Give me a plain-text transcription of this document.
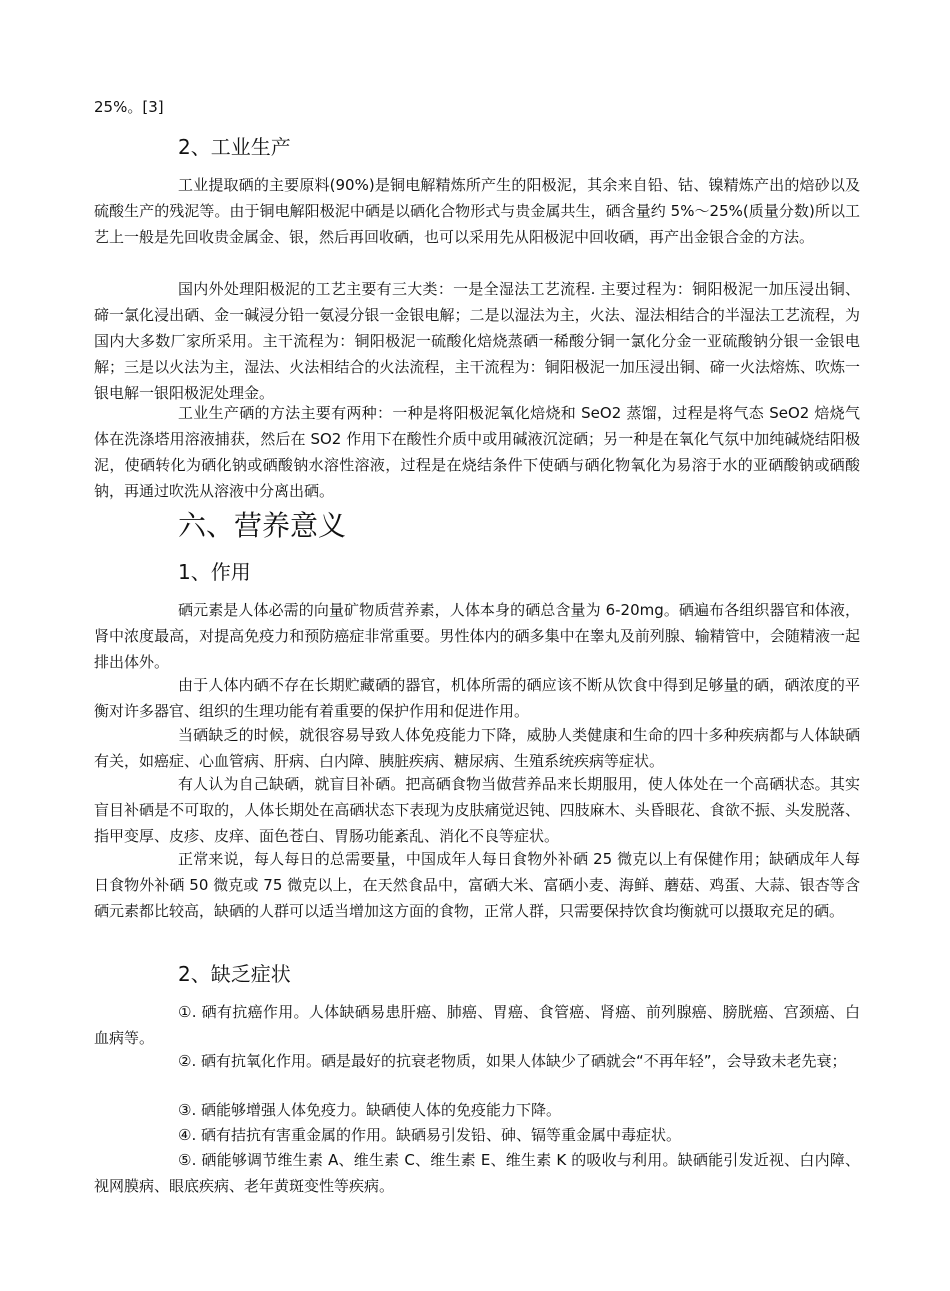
25%。[3]
2、工业生产
工业提取硒的主要原料(90%)是铜电解精炼所产生的阳极泥，其余来自铅、钴、镍精炼产出的焙砂以及硫酸生产的残泥等。由于铜电解阳极泥中硒是以硒化合物形式与贵金属共生，硒含量约 5%～25%(质量分数)所以工艺上一般是先回收贵金属金、银，然后再回收硒，也可以采用先从阳极泥中回收硒，再产出金银合金的方法。
国内外处理阳极泥的工艺主要有三大类：一是全湿法工艺流程. 主要过程为：铜阳极泥一加压浸出铜、碲一氯化浸出硒、金一碱浸分铅一氨浸分银一金银电解；二是以湿法为主，火法、湿法相结合的半湿法工艺流程，为国内大多数厂家所采用。主干流程为：铜阳极泥一硫酸化焙烧蒸硒一稀酸分铜一氯化分金一亚硫酸钠分银一金银电解；三是以火法为主，湿法、火法相结合的火法流程，主干流程为：铜阳极泥一加压浸出铜、碲一火法熔炼、吹炼一银电解一银阳极泥处理金。
工业生产硒的方法主要有两种：一种是将阳极泥氧化焙烧和 SeO2 蒸馏，过程是将气态 SeO2 焙烧气体在洗涤塔用溶液捕获，然后在 SO2 作用下在酸性介质中或用碱液沉淀硒；另一种是在氧化气氛中加纯碱烧结阳极泥，使硒转化为硒化钠或硒酸钠水溶性溶液，过程是在烧结条件下使硒与硒化物氧化为易溶于水的亚硒酸钠或硒酸钠，再通过吹洗从溶液中分离出硒。
六、营养意义
1、作用
硒元素是人体必需的向量矿物质营养素，人体本身的硒总含量为 6-20mg。硒遍布各组织器官和体液，肾中浓度最高，对提高免疫力和预防癌症非常重要。男性体内的硒多集中在睾丸及前列腺、输精管中，会随精液一起排出体外。
由于人体内硒不存在长期贮藏硒的器官，机体所需的硒应该不断从饮食中得到足够量的硒，硒浓度的平衡对许多器官、组织的生理功能有着重要的保护作用和促进作用。
当硒缺乏的时候，就很容易导致人体免疫能力下降，威胁人类健康和生命的四十多种疾病都与人体缺硒有关，如癌症、心血管病、肝病、白内障、胰脏疾病、糖尿病、生殖系统疾病等症状。
有人认为自己缺硒，就盲目补硒。把高硒食物当做营养品来长期服用，使人体处在一个高硒状态。其实盲目补硒是不可取的，人体长期处在高硒状态下表现为皮肤痛觉迟钝、四肢麻木、头昏眼花、食欲不振、头发脱落、指甲变厚、皮疹、皮痒、面色苍白、胃肠功能紊乱、消化不良等症状。
正常来说，每人每日的总需要量，中国成年人每日食物外补硒 25 微克以上有保健作用；缺硒成年人每日食物外补硒 50 微克或 75 微克以上，在天然食品中，富硒大米、富硒小麦、海鲜、蘑菇、鸡蛋、大蒜、银杏等含硒元素都比较高，缺硒的人群可以适当增加这方面的食物，正常人群，只需要保持饮食均衡就可以摄取充足的硒。
2、缺乏症状
①. 硒有抗癌作用。人体缺硒易患肝癌、肺癌、胃癌、食管癌、肾癌、前列腺癌、膀胱癌、宫颈癌、白血病等。
②. 硒有抗氧化作用。硒是最好的抗衰老物质，如果人体缺少了硒就会“不再年轻”，会导致未老先衰；
③. 硒能够增强人体免疫力。缺硒使人体的免疫能力下降。
④. 硒有拮抗有害重金属的作用。缺硒易引发铅、砷、镉等重金属中毒症状。
⑤. 硒能够调节维生素 A、维生素 C、维生素 E、维生素 K 的吸收与利用。缺硒能引发近视、白内障、视网膜病、眼底疾病、老年黄斑变性等疾病。
